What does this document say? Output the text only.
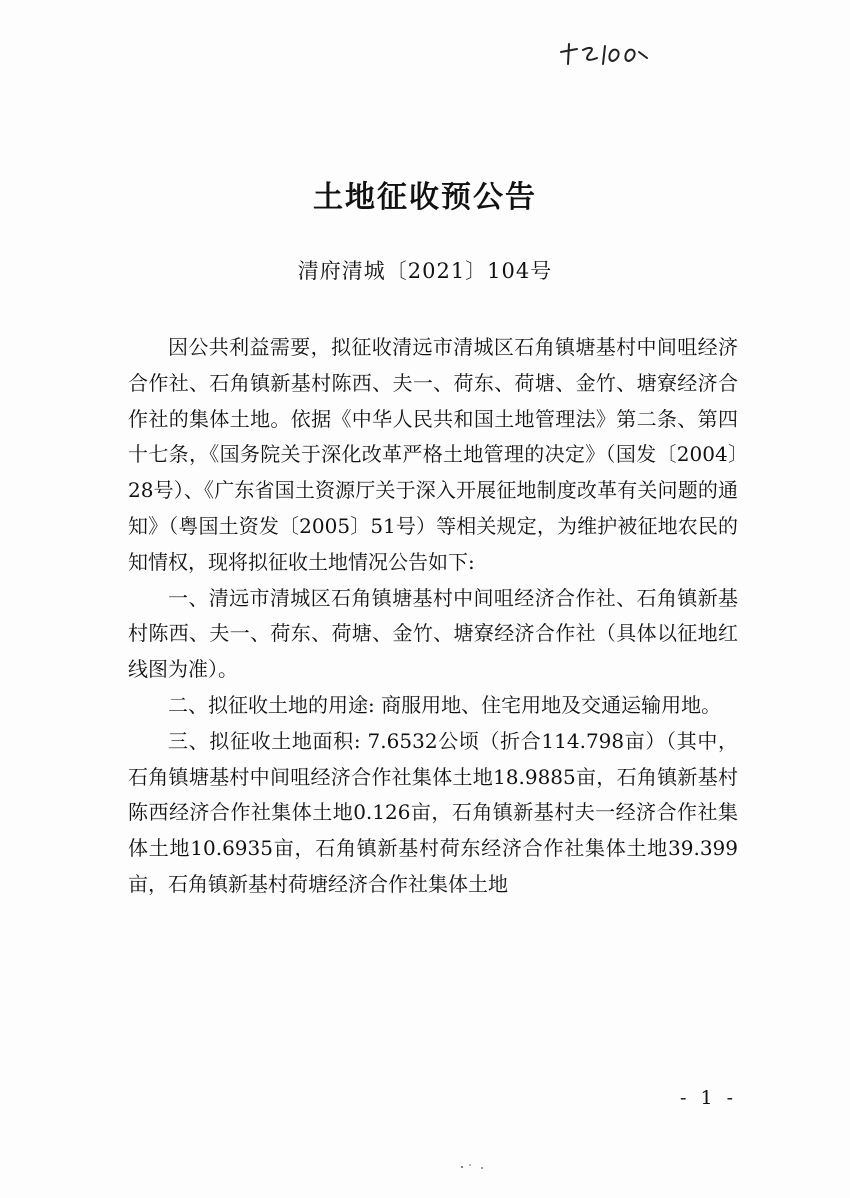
土地征收预公告
清府清城〔2021〕104号

因公共利益需要，拟征收清远市清城区石角镇塘基村中间咀经济合作社、石角镇新基村陈西、夫一、荷东、荷塘、金竹、塘寮经济合作社的集体土地。依据《中华人民共和国土地管理法》第二条、第四十七条，《国务院关于深化改革严格土地管理的决定》（国发〔2004〕28号）、《广东省国土资源厅关于深入开展征地制度改革有关问题的通知》（粤国土资发〔2005〕51号）等相关规定，为维护被征地农民的知情权，现将拟征收土地情况公告如下:

一、清远市清城区石角镇塘基村中间咀经济合作社、石角镇新基村陈西、夫一、荷东、荷塘、金竹、塘寮经济合作社（具体以征地红线图为准）。

二、拟征收土地的用途: 商服用地、住宅用地及交通运输用地。

三、拟征收土地面积: 7.6532公顷（折合114.798亩）（其中，石角镇塘基村中间咀经济合作社集体土地18.9885亩，石角镇新基村陈西经济合作社集体土地0.126亩，石角镇新基村夫一经济合作社集体土地10.6935亩，石角镇新基村荷东经济合作社集体土地39.399亩，石角镇新基村荷塘经济合作社集体土地

- 1 -
